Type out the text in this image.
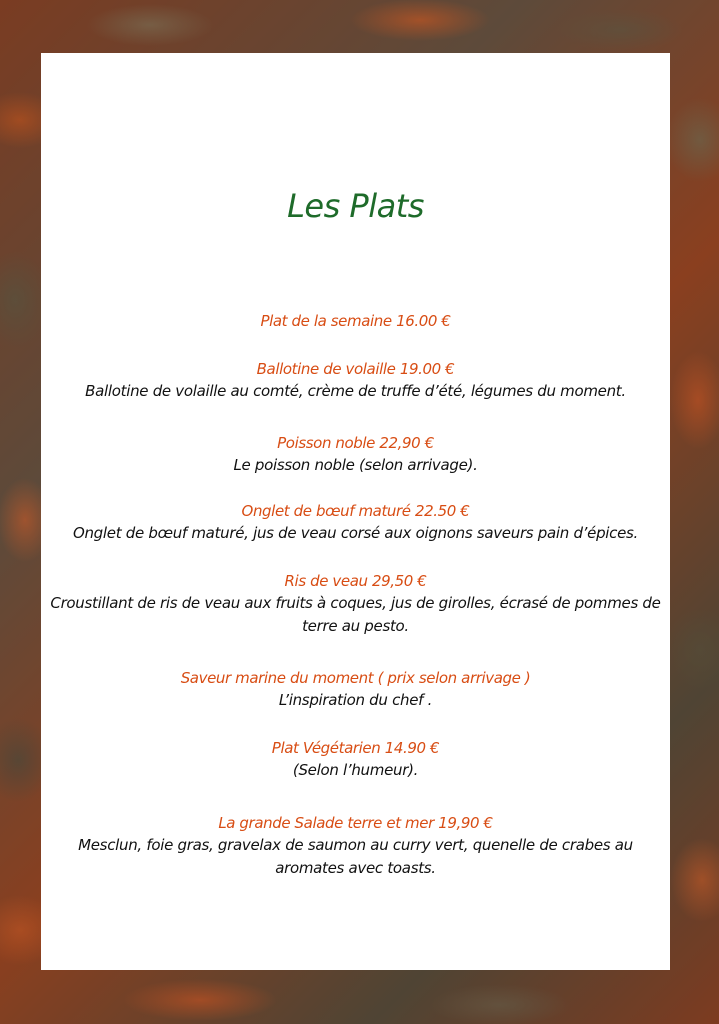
Les Plats
Plat de la semaine 16.00 €
Ballotine de volaille 19.00 €
Ballotine de volaille au comté, crème de truffe d’été, légumes du moment.
Poisson noble 22,90 €
Le poisson noble (selon arrivage).
Onglet de bœuf maturé 22.50 €
Onglet de bœuf maturé, jus de veau corsé aux oignons saveurs pain d’épices.
Ris de veau 29,50 €
Croustillant de ris de veau aux fruits à coques, jus de girolles, écrasé de pommes de terre au pesto.
Saveur marine du moment ( prix selon arrivage )
L’inspiration du chef .
Plat Végétarien 14.90 €
(Selon l’humeur).
La grande Salade terre et mer 19,90 €
Mesclun, foie gras, gravelax de saumon au curry vert, quenelle de crabes au aromates avec toasts.
